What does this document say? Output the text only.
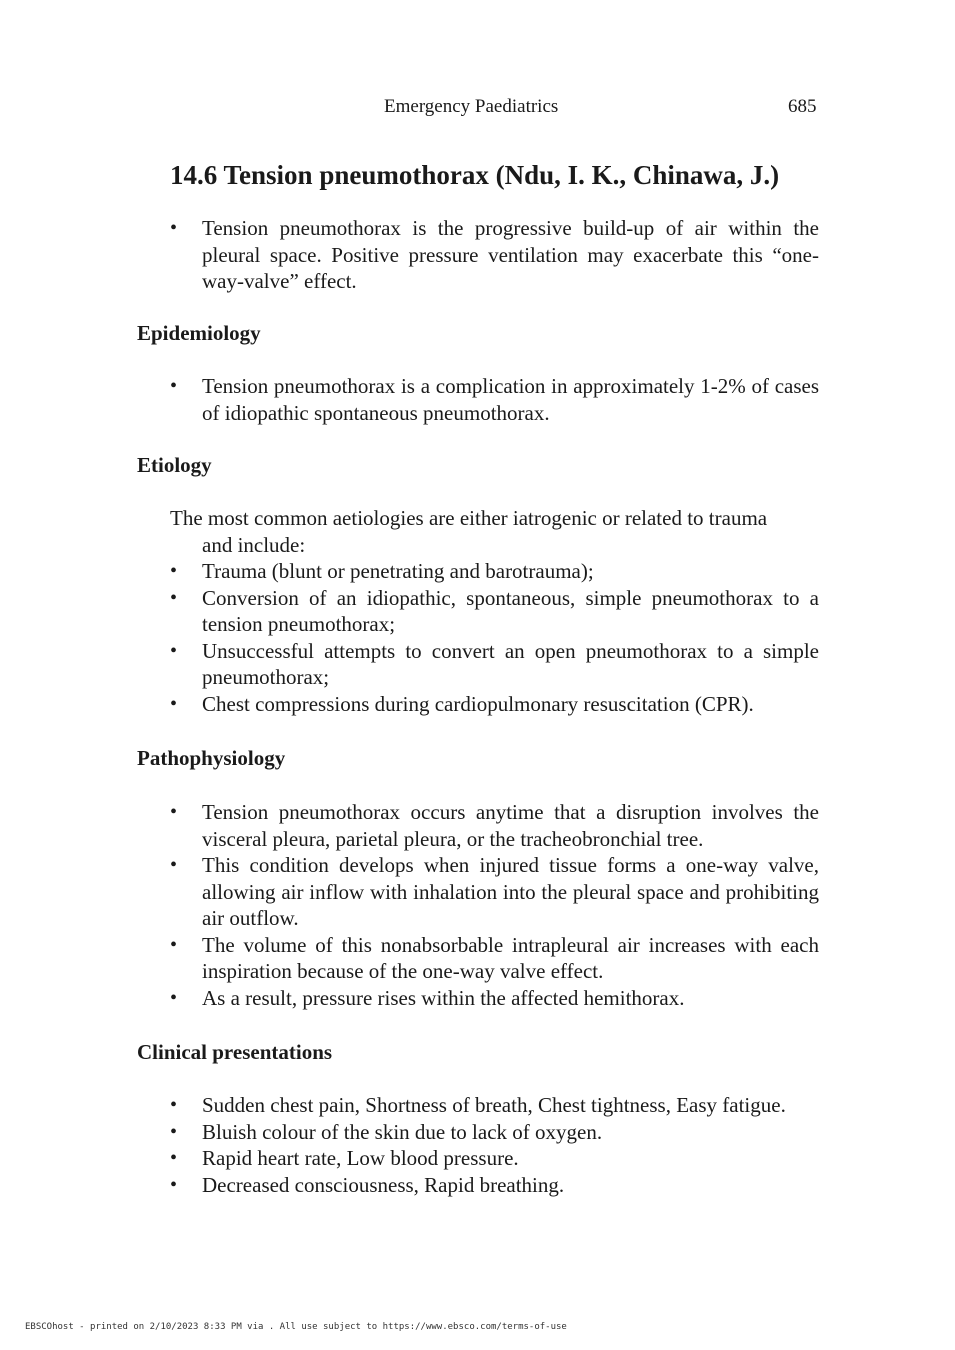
Emergency Paediatrics	685
14.6 Tension pneumothorax (Ndu, I. K., Chinawa, J.)
• Tension pneumothorax is the progressive build-up of air within the pleural space. Positive pressure ventilation may exacerbate this “one-way-valve” effect.
Epidemiology
• Tension pneumothorax is a complication in approximately 1-2% of cases of idiopathic spontaneous pneumothorax.
Etiology

The most common aetiologies are either iatrogenic or related to trauma
and include:

• Trauma (blunt or penetrating and barotrauma);
• Conversion of an idiopathic, spontaneous, simple pneumothorax to a tension pneumothorax;
• Unsuccessful attempts to convert an open pneumothorax to a simple pneumothorax;
• Chest compressions during cardiopulmonary resuscitation (CPR).
Pathophysiology
• Tension pneumothorax occurs anytime that a disruption involves the visceral pleura, parietal pleura, or the tracheobronchial tree.
• This condition develops when injured tissue forms a one-way valve, allowing air inflow with inhalation into the pleural space and prohibiting air outflow.
• The volume of this nonabsorbable intrapleural air increases with each inspiration because of the one-way valve effect.
• As a result, pressure rises within the affected hemithorax.
Clinical presentations
• Sudden chest pain, Shortness of breath, Chest tightness, Easy fatigue.
• Bluish colour of the skin due to lack of oxygen.
• Rapid heart rate, Low blood pressure.
• Decreased consciousness, Rapid breathing.
EBSCOhost - printed on 2/10/2023 8:33 PM via . All use subject to https://www.ebsco.com/terms-of-use
